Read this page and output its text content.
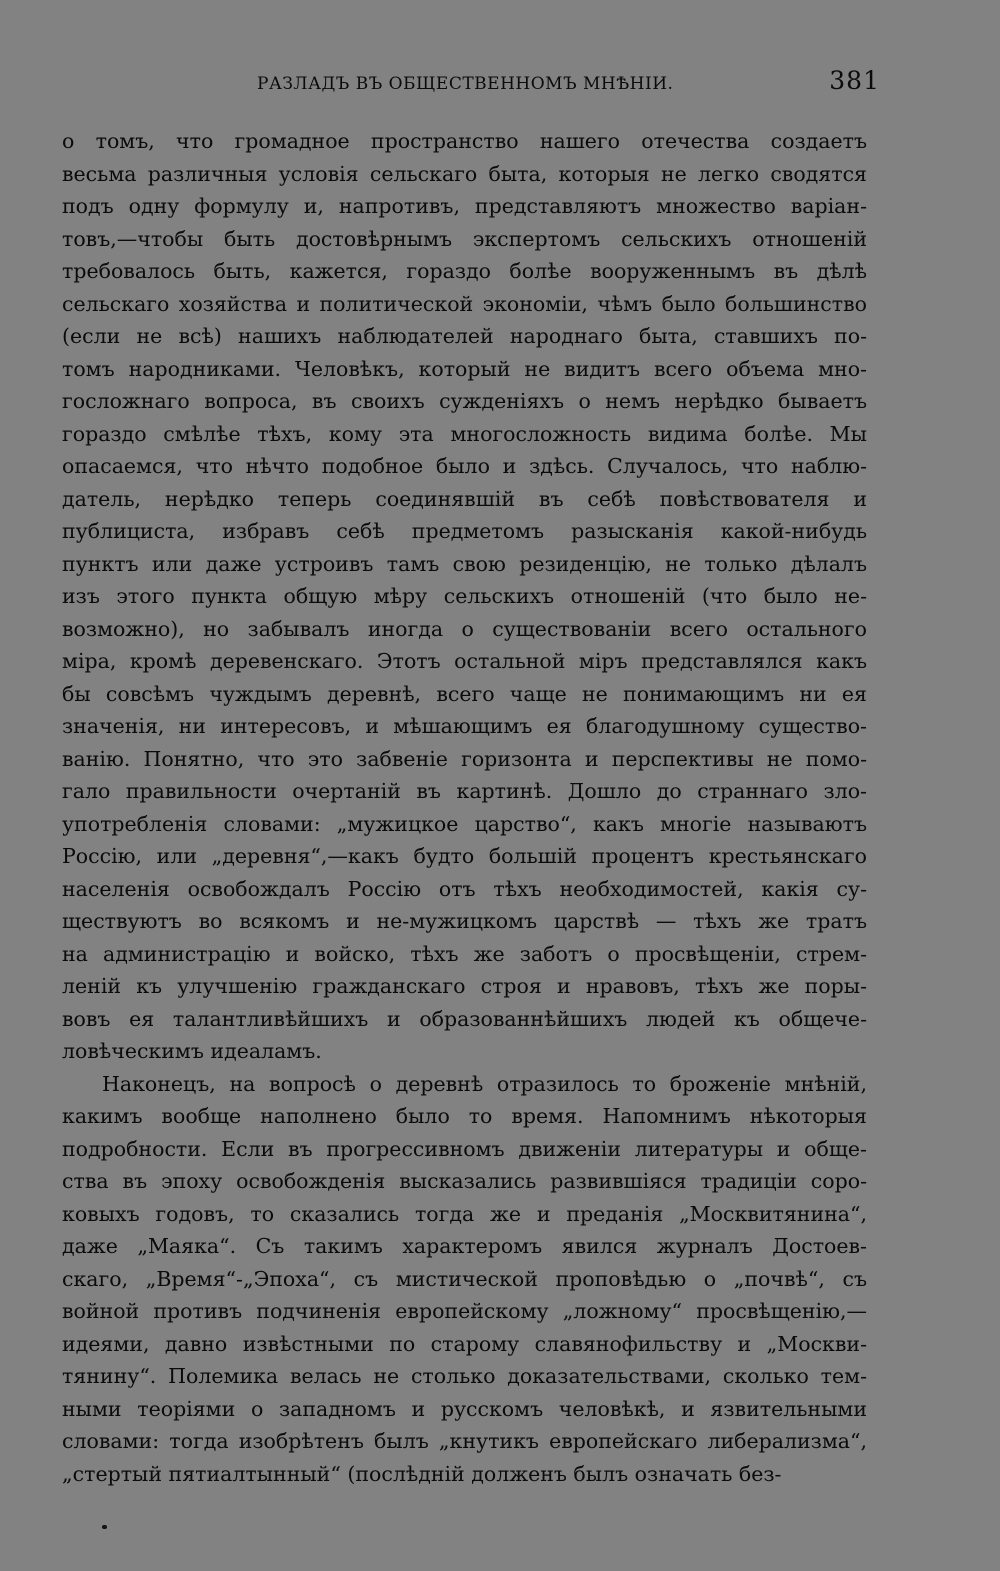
РАЗЛАДЪ ВЪ ОБЩЕСТВЕННОМЪ МНѢНІИ.	381
о томъ, что громадное пространство нашего отечества создаетъ
весьма различныя условія сельскаго быта, которыя не легко сводятся
подъ одну формулу и, напротивъ, представляютъ множество варіан-
товъ,—чтобы быть достовѣрнымъ экспертомъ сельскихъ отношеній
требовалось быть, кажется, гораздо болѣе вооруженнымъ въ дѣлѣ
сельскаго хозяйства и политической экономіи, чѣмъ было большинство
(если не всѣ) нашихъ наблюдателей народнаго быта, ставшихъ по-
томъ народниками. Человѣкъ, который не видитъ всего объема мно-
госложнаго вопроса, въ своихъ сужденіяхъ о немъ нерѣдко бываетъ
гораздо смѣлѣе тѣхъ, кому эта многосложность видима болѣе. Мы
опасаемся, что нѣчто подобное было и здѣсь. Случалось, что наблю-
датель, нерѣдко теперь соединявшій въ себѣ повѣствователя и
публициста, избравъ себѣ предметомъ разысканія какой-нибудь
пунктъ или даже устроивъ тамъ свою резиденцію, не только дѣлалъ
изъ этого пункта общую мѣру сельскихъ отношеній (что было не-
возможно), но забывалъ иногда о существованіи всего остального
міра, кромѣ деревенскаго. Этотъ остальной міръ представлялся какъ
бы совсѣмъ чуждымъ деревнѣ, всего чаще не понимающимъ ни ея
значенія, ни интересовъ, и мѣшающимъ ея благодушному существо-
ванію. Понятно, что это забвеніе горизонта и перспективы не помо-
гало правильности очертаній въ картинѣ. Дошло до страннаго зло-
употребленія словами: „мужицкое царство“, какъ многіе называютъ
Россію, или „деревня“,—какъ будто большій процентъ крестьянскаго
населенія освобождалъ Россію отъ тѣхъ необходимостей, какія су-
ществуютъ во всякомъ и не-мужицкомъ царствѣ — тѣхъ же тратъ
на администрацію и войско, тѣхъ же заботъ о просвѣщеніи, стрем-
леній къ улучшенію гражданскаго строя и нравовъ, тѣхъ же поры-
вовъ ея талантливѣйшихъ и образованнѣйшихъ людей къ общече-
ловѣческимъ идеаламъ.
Наконецъ, на вопросѣ о деревнѣ отразилось то броженіе мнѣній,
какимъ вообще наполнено было то время. Напомнимъ нѣкоторыя
подробности. Если въ прогрессивномъ движеніи литературы и обще-
ства въ эпоху освобожденія высказались развившіяся традиціи соро-
ковыхъ годовъ, то сказались тогда же и преданія „Москвитянина“,
даже „Маяка“. Съ такимъ характеромъ явился журналъ Достоев-
скаго, „Время“-„Эпоха“, съ мистической проповѣдью о „почвѣ“, съ
войной противъ подчиненія европейскому „ложному“ просвѣщенію,—
идеями, давно извѣстными по старому славянофильству и „Москви-
тянину“. Полемика велась не столько доказательствами, сколько тем-
ными теоріями о западномъ и русскомъ человѣкѣ, и язвительными
словами: тогда изобрѣтенъ былъ „кнутикъ европейскаго либерализма“,
„стертый пятиалтынный“ (послѣдній долженъ былъ означать без-
